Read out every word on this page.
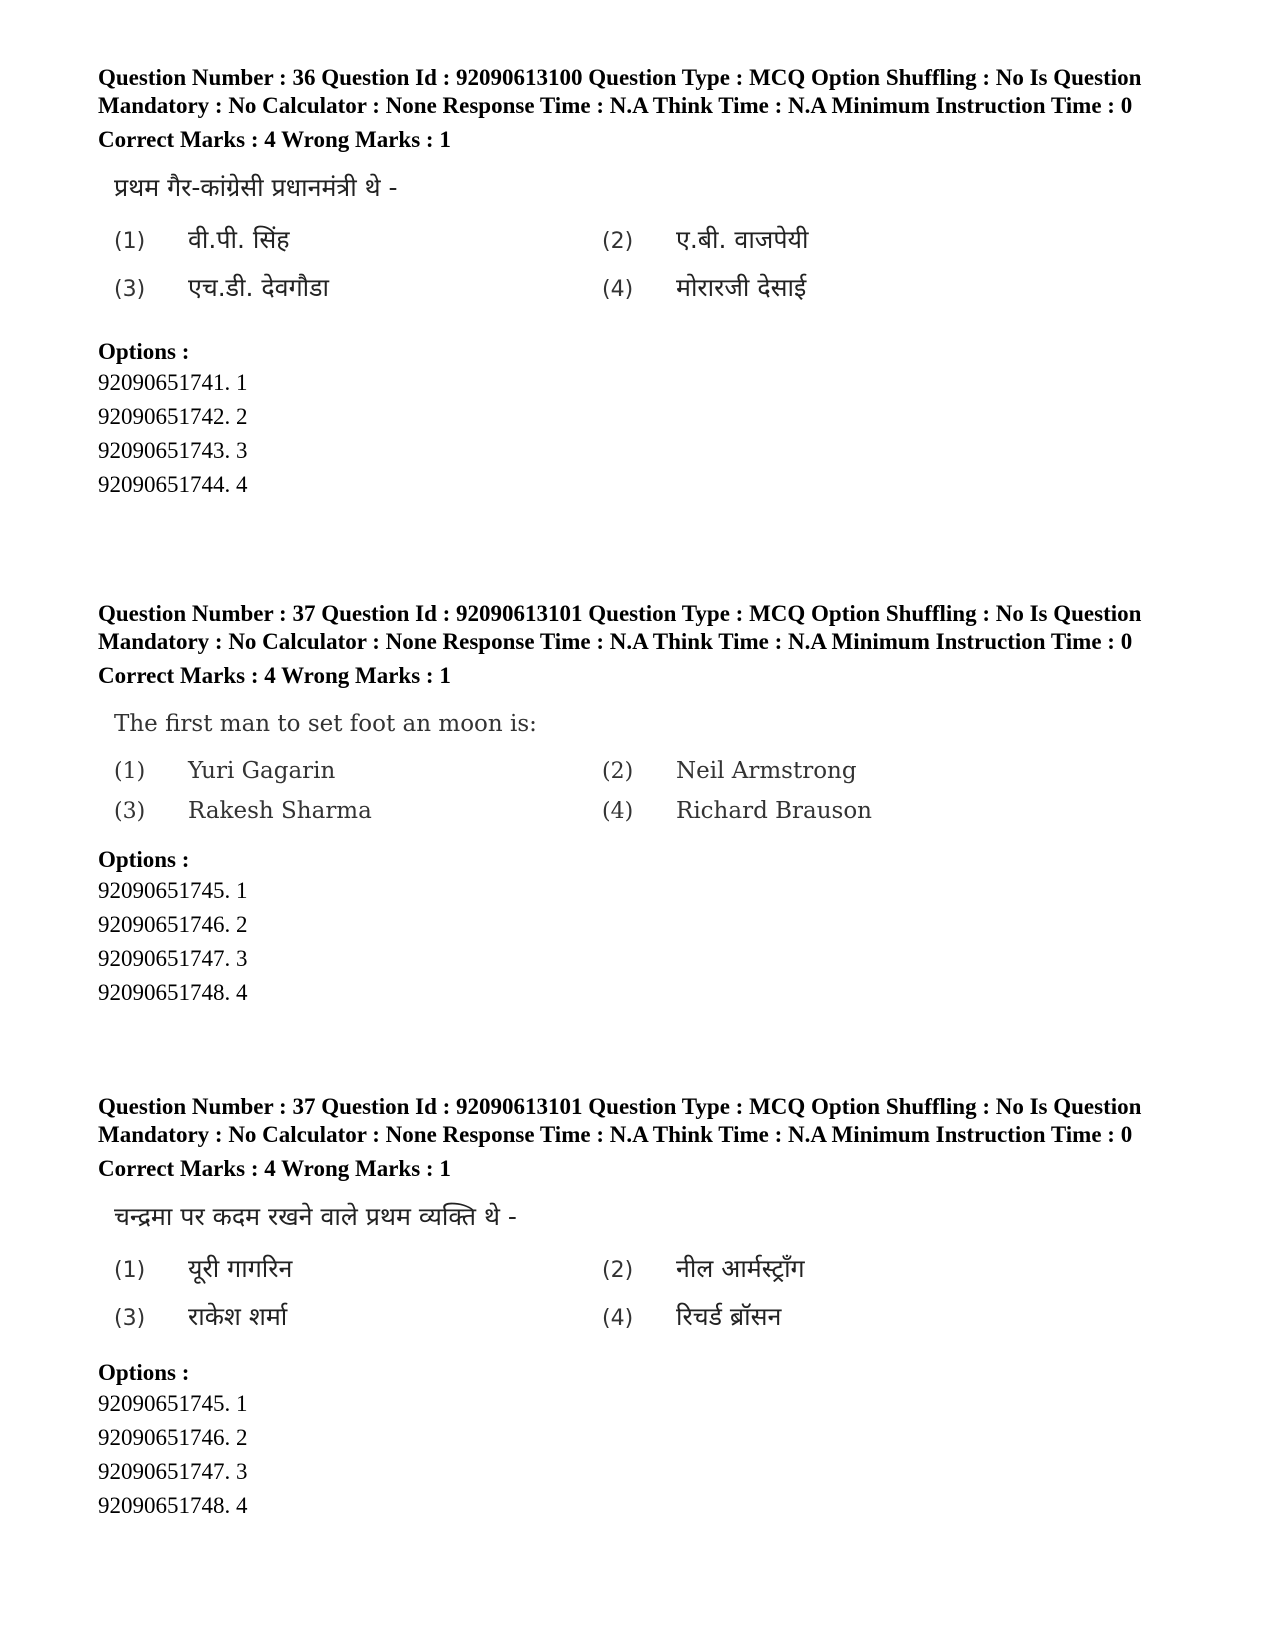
Question Number : 36 Question Id : 92090613100 Question Type : MCQ Option Shuffling : No Is Question Mandatory : No Calculator : None Response Time : N.A Think Time : N.A Minimum Instruction Time : 0

Correct Marks : 4 Wrong Marks : 1

प्रथम गैर-कांग्रेसी प्रधानमंत्री थे -
(1)	वी.पी. सिंह	(2)	ए.बी. वाजपेयी
(3)	एच.डी. देवगौडा	(4)	मोरारजी देसाई
Options :
92090651741. 1
92090651742. 2
92090651743. 3
92090651744. 4

Question Number : 37 Question Id : 92090613101 Question Type : MCQ Option Shuffling : No Is Question Mandatory : No Calculator : None Response Time : N.A Think Time : N.A Minimum Instruction Time : 0

Correct Marks : 4 Wrong Marks : 1

The first man to set foot an moon is:
(1)	Yuri Gagarin	(2)	Neil Armstrong
(3)	Rakesh Sharma	(4)	Richard Brauson
Options :
92090651745. 1
92090651746. 2
92090651747. 3
92090651748. 4

Question Number : 37 Question Id : 92090613101 Question Type : MCQ Option Shuffling : No Is Question Mandatory : No Calculator : None Response Time : N.A Think Time : N.A Minimum Instruction Time : 0

Correct Marks : 4 Wrong Marks : 1

चन्द्रमा पर कदम रखने वाले प्रथम व्यक्ति थे -
(1)	यूरी गागरिन	(2)	नील आर्मस्ट्रॉंग
(3)	राकेश शर्मा	(4)	रिचर्ड ब्रॉसन
Options :
92090651745. 1
92090651746. 2
92090651747. 3
92090651748. 4
